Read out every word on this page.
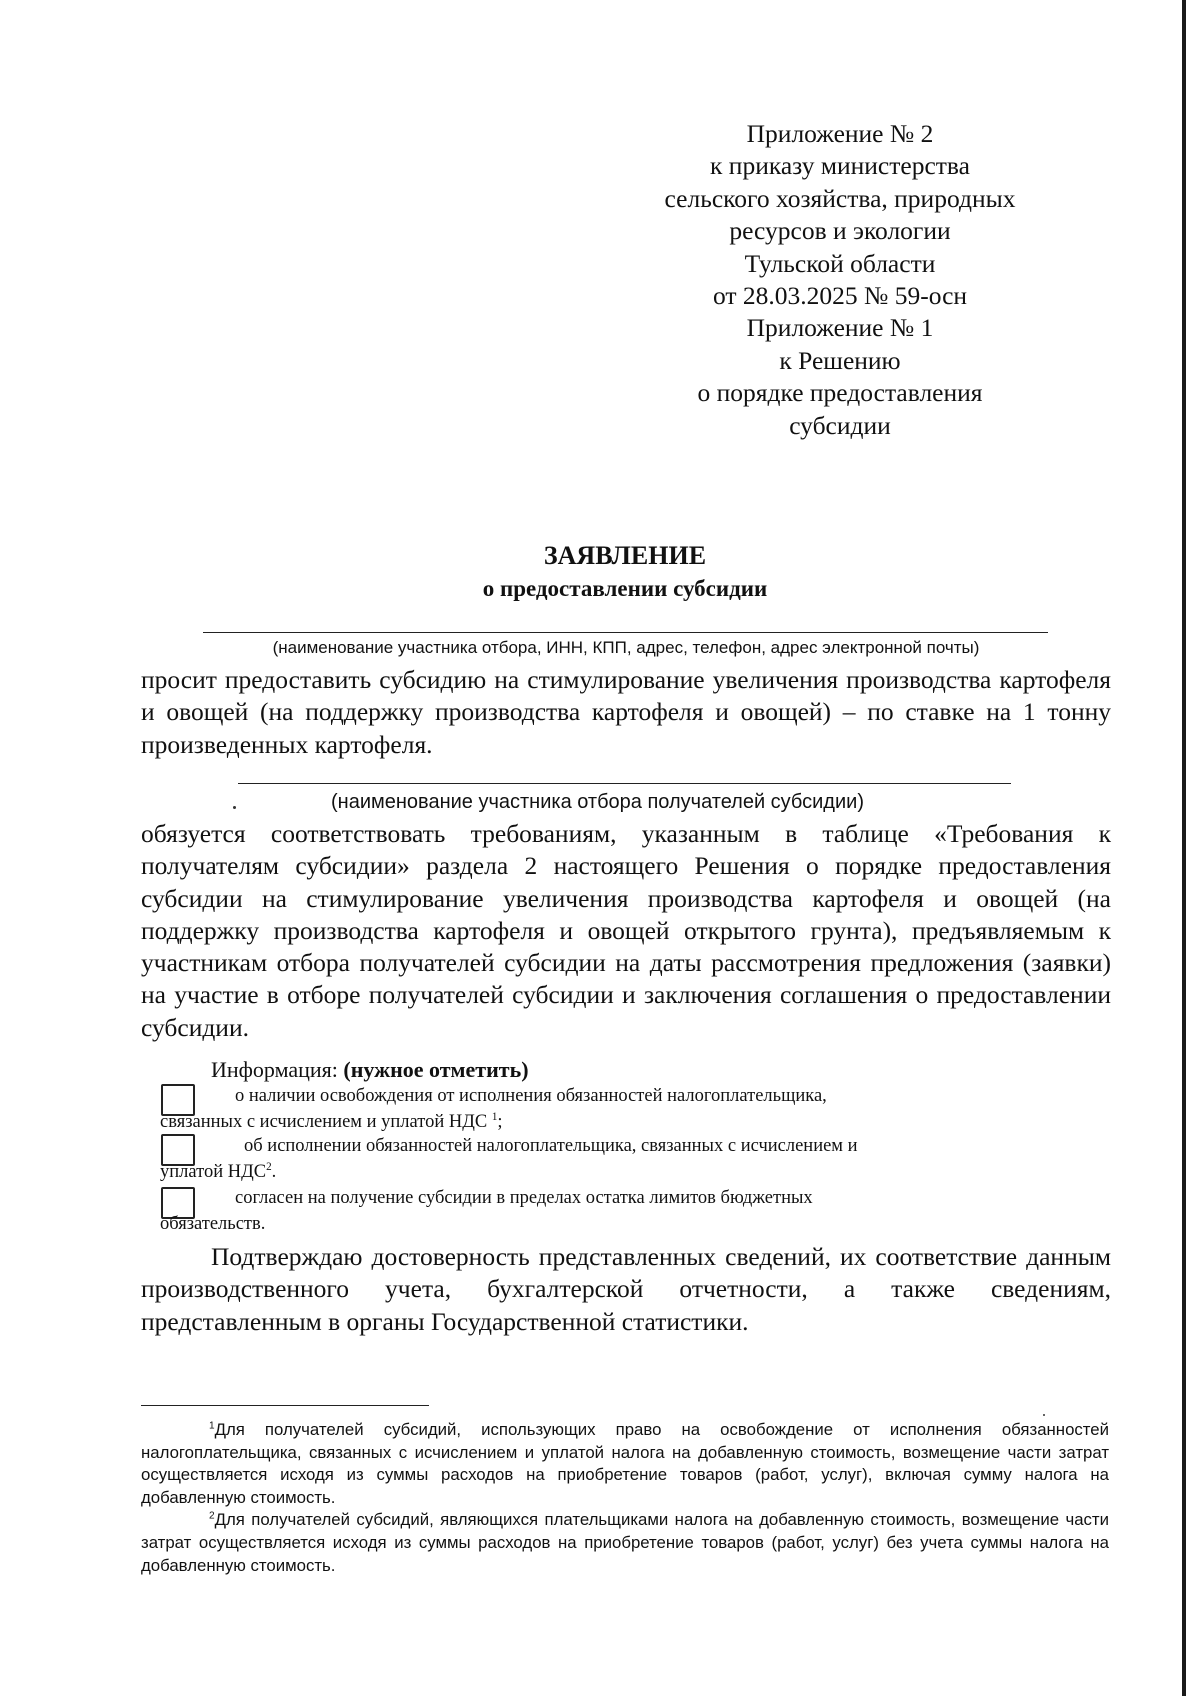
Приложение № 2
к приказу министерства
сельского хозяйства, природных
ресурсов и экологии
Тульской области
от 28.03.2025 № 59-осн
Приложение № 1
к Решению
о порядке предоставления
субсидии
ЗАЯВЛЕНИЕ
о предоставлении субсидии
(наименование участника отбора, ИНН, КПП, адрес, телефон, адрес электронной почты)

просит предоставить субсидию на стимулирование увеличения производства картофеля и овощей (на поддержку производства картофеля и овощей) – по ставке на 1 тонну произведенных картофеля.

(наименование участника отбора получателей субсидии)

обязуется соответствовать требованиям, указанным в таблице «Требования к получателям субсидии» раздела 2 настоящего Решения о порядке предоставления субсидии на стимулирование увеличения производства картофеля и овощей (на поддержку производства картофеля и овощей открытого грунта), предъявляемым к участникам отбора получателей субсидии на даты рассмотрения предложения (заявки) на участие в отборе получателей субсидии и заключения соглашения о предоставлении субсидии.

Информация: (нужное отметить)
о наличии освобождения от исполнения обязанностей налогоплательщика,
связанных с исчислением и уплатой НДС $^1$;
об исполнении обязанностей налогоплательщика, связанных с исчислением и
уплатой НДС$^2$.
согласен на получение субсидии в пределах остатка лимитов бюджетных
обязательств.

Подтверждаю достоверность представленных сведений, их соответствие данным производственного учета, бухгалтерской отчетности, а также сведениям, представленным в органы Государственной статистики.

$^1$Для получателей субсидий, использующих право на освобождение от исполнения обязанностей налогоплательщика, связанных с исчислением и уплатой налога на добавленную стоимость, возмещение части затрат осуществляется исходя из суммы расходов на приобретение товаров (работ, услуг), включая сумму налога на добавленную стоимость.

$^2$Для получателей субсидий, являющихся плательщиками налога на добавленную стоимость, возмещение части затрат осуществляется исходя из суммы расходов на приобретение товаров (работ, услуг) без учета суммы налога на добавленную стоимость.
